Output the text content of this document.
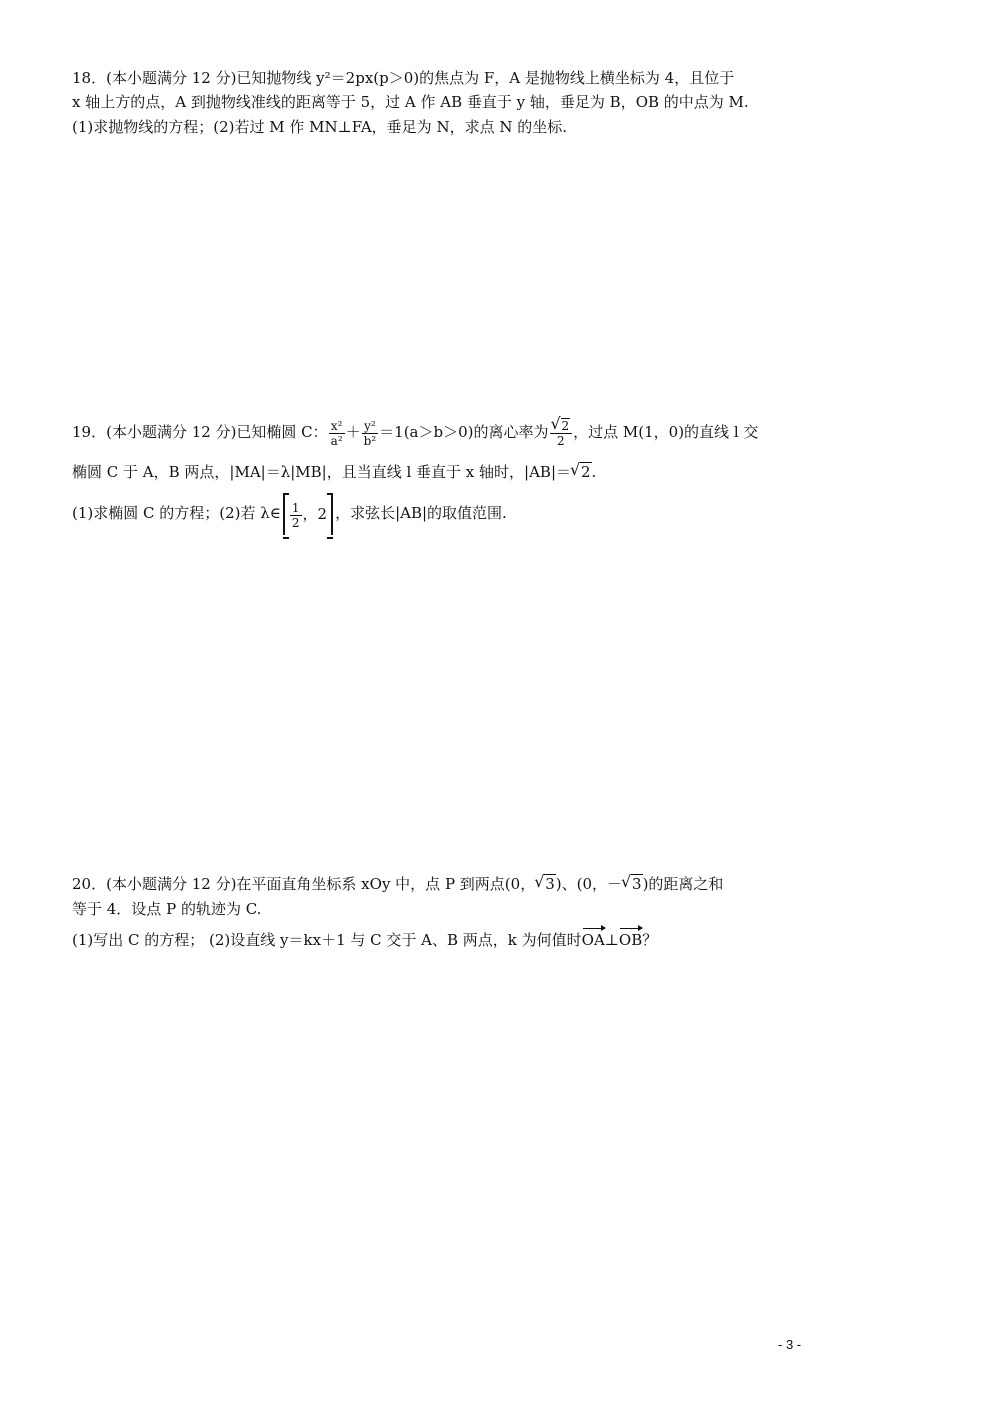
18．(本小题满分 12 分)已知抛物线 y²＝2px(p＞0)的焦点为 F，A 是抛物线上横坐标为 4，且位于
x 轴上方的点，A 到抛物线准线的距离等于 5，过 A 作 AB 垂直于 y 轴，垂足为 B，OB 的中点为 M.
(1)求抛物线的方程；(2)若过 M 作 MN⊥FA，垂足为 N，求点 N 的坐标.
19．(本小题满分 12 分)已知椭圆 C： $\frac{\text{x²}}{\text{a²}} + \frac{\text{y²}}{\text{b²}} =1(a>b>0)$的离心率为 √ $\frac{2}{2}$ ，过点 M(1，0)的直线 l 交
椭圆 C 于 A，B 两点，|MA|＝λ|MB|，且当直线 l 垂直于 x 轴时，|AB|＝ √ 2.
(1)求椭圆 C 的方程；(2)若 λ∈ $\frac{1}{2}$ ，2 ，求弦长|AB|的取值范围.
20．(本小题满分 12 分)在平面直角坐标系 xOy 中，点 P 到两点(0， √ 3)、(0，－ √ 3)的距离之和
等于 4．设点 P 的轨迹为 C.
(1)写出 C 的方程； (2)设直线 y＝kx＋1 与 C 交于 A、B 两点，k 为何值时OA⊥OB？
- 3 -
